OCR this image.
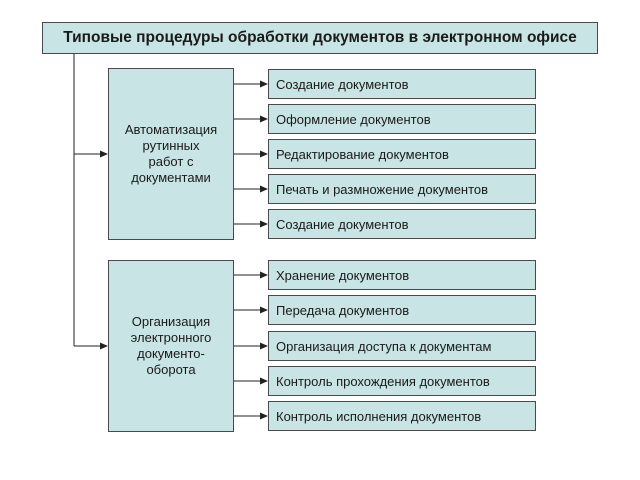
Типовые процедуры обработки документов в электронном офисе
Автоматизация
рутинных
работ с
документами
Создание документов
Оформление документов
Редактирование документов
Печать и размножение документов
Создание документов
Организация
электронного
документо-
оборота
Хранение документов
Передача документов
Организация доступа к документам
Контроль прохождения документов
Контроль исполнения документов
